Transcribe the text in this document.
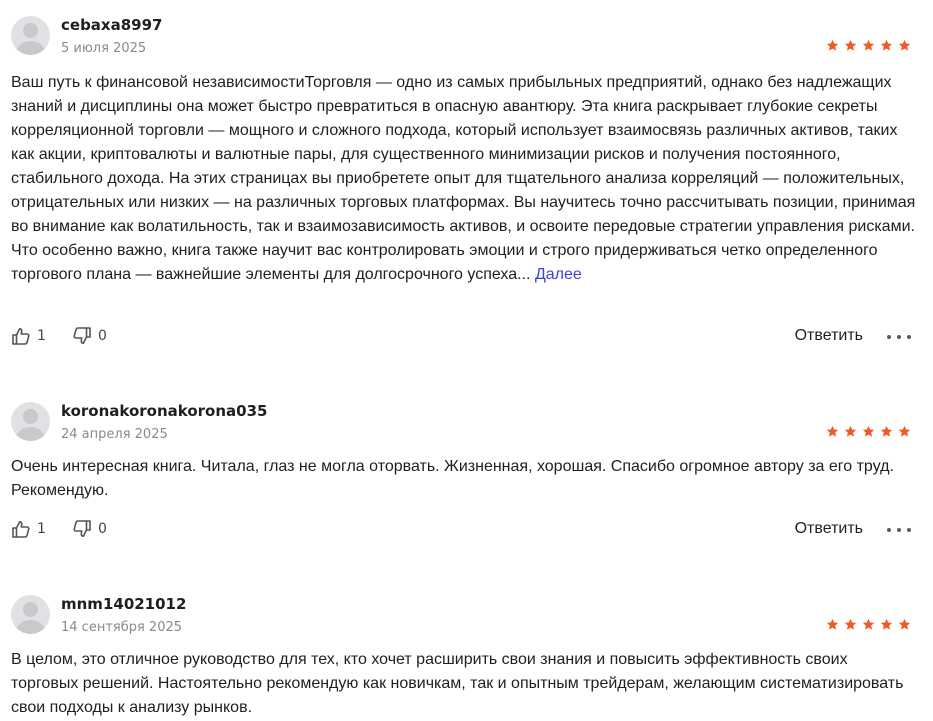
cebaxa8997
5 июля 2025

Ваш путь к финансовой независимостиТорговля — одно из самых прибыльных предприятий, однако без надлежащих знаний и дисциплины она может быстро превратиться в опасную авантюру. Эта книга раскрывает глубокие секреты корреляционной торговли — мощного и сложного подхода, который использует взаимосвязь различных активов, таких как акции, криптовалюты и валютные пары, для существенного минимизации рисков и получения постоянного, стабильного дохода. На этих страницах вы приобретете опыт для тщательного анализа корреляций — положительных, отрицательных или низких — на различных торговых платформах. Вы научитесь точно рассчитывать позиции, принимая во внимание как волатильность, так и взаимозависимость активов, и освоите передовые стратегии управления рисками. Что особенно важно, книга также научит вас контролировать эмоции и строго придерживаться четко определенного торгового плана — важнейшие элементы для долгосрочного успеха... Далее

1	0	Ответить
koronakoronakorona035
24 апреля 2025

Очень интересная книга. Читала, глаз не могла оторвать. Жизненная, хорошая. Спасибо огромное автору за его труд. Рекомендую.

1	0	Ответить
mnm14021012
14 сентября 2025

В целом, это отличное руководство для тех, кто хочет расширить свои знания и повысить эффективность своих торговых решений. Настоятельно рекомендую как новичкам, так и опытным трейдерам, желающим систематизировать свои подходы к анализу рынков.
